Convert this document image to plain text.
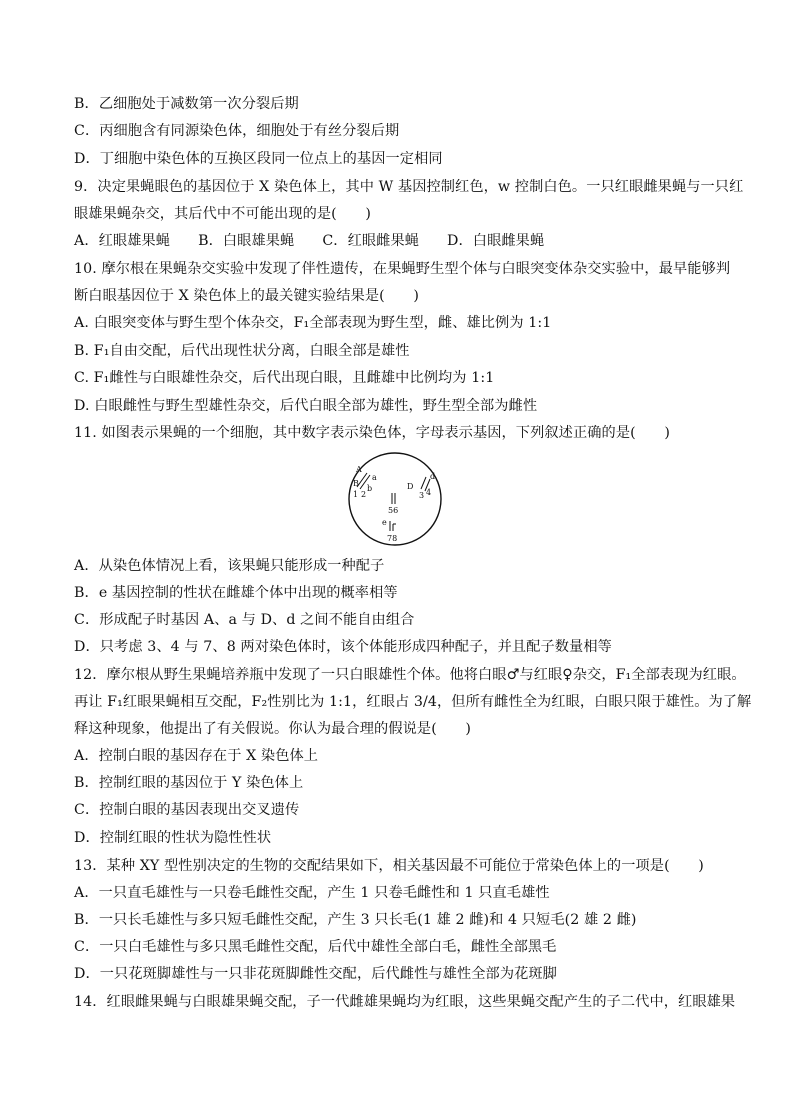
B．乙细胞处于减数第一次分裂后期
C．丙细胞含有同源染色体，细胞处于有丝分裂后期
D．丁细胞中染色体的互换区段同一位点上的基因一定相同
9．决定果蝇眼色的基因位于 X 染色体上，其中 W 基因控制红色，w 控制白色。一只红眼雌果蝇与一只红
眼雄果蝇杂交，其后代中不可能出现的是(　　)
A．红眼雄果蝇 B．白眼雄果蝇 C．红眼雌果蝇 D．白眼雌果蝇
10. 摩尔根在果蝇杂交实验中发现了伴性遗传，在果蝇野生型个体与白眼突变体杂交实验中，最早能够判
断白眼基因位于 X 染色体上的最关键实验结果是(　　)
A. 白眼突变体与野生型个体杂交，F₁全部表现为野生型，雌、雄比例为 1:1
B. F₁自由交配，后代出现性状分离，白眼全部是雄性
C. F₁雌性与白眼雄性杂交，后代出现白眼，且雌雄中比例均为 1:1
D. 白眼雌性与野生型雄性杂交，后代白眼全部为雄性，野生型全部为雌性
11. 如图表示果蝇的一个细胞，其中数字表示染色体，字母表示基因，下列叙述正确的是(　　)
A
a
B
b
1 2
D
d
3 4
56
e
78
A．从染色体情况上看，该果蝇只能形成一种配子
B．e 基因控制的性状在雌雄个体中出现的概率相等
C．形成配子时基因 A、a 与 D、d 之间不能自由组合
D．只考虑 3、4 与 7、8 两对染色体时，该个体能形成四种配子，并且配子数量相等
12．摩尔根从野生果蝇培养瓶中发现了一只白眼雄性个体。他将白眼♂与红眼♀杂交，F₁全部表现为红眼。
再让 F₁红眼果蝇相互交配，F₂性别比为 1:1，红眼占 3/4，但所有雌性全为红眼，白眼只限于雄性。为了解
释这种现象，他提出了有关假说。你认为最合理的假说是(　　)
A．控制白眼的基因存在于 X 染色体上
B．控制红眼的基因位于 Y 染色体上
C．控制白眼的基因表现出交叉遗传
D．控制红眼的性状为隐性性状
13．某种 XY 型性别决定的生物的交配结果如下，相关基因最不可能位于常染色体上的一项是(　　)
A．一只直毛雄性与一只卷毛雌性交配，产生 1 只卷毛雌性和 1 只直毛雄性
B．一只长毛雄性与多只短毛雌性交配，产生 3 只长毛(1 雄 2 雌)和 4 只短毛(2 雄 2 雌)
C．一只白毛雄性与多只黑毛雌性交配，后代中雄性全部白毛，雌性全部黑毛
D．一只花斑脚雄性与一只非花斑脚雌性交配，后代雌性与雄性全部为花斑脚
14．红眼雌果蝇与白眼雄果蝇交配，子一代雌雄果蝇均为红眼，这些果蝇交配产生的子二代中，红眼雄果
